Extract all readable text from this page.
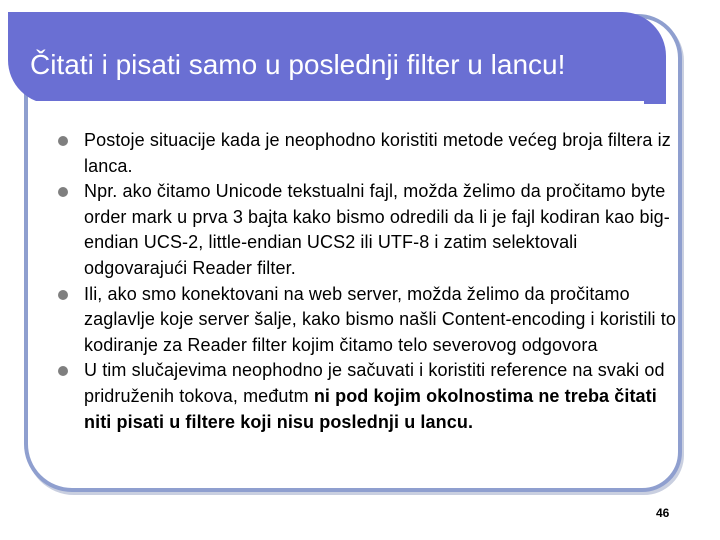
Čitati i pisati samo u poslednji filter u lancu!
Postoje situacije kada je neophodno koristiti metode većeg broja filtera iz lanca.
Npr. ako čitamo Unicode tekstualni fajl, možda želimo da pročitamo byte order mark u prva 3 bajta kako bismo odredili da li je fajl kodiran kao big-endian UCS-2, little-endian UCS2 ili UTF-8 i zatim selektovali odgovarajući Reader filter.
Ili, ako smo konektovani na web server, možda želimo da pročitamo zaglavlje koje server šalje, kako bismo našli Content-encoding i koristili to kodiranje za Reader filter kojim čitamo telo severovog odgovora
U tim slučajevima neophodno je sačuvati i koristiti reference na svaki od pridruženih tokova, međutm ni pod kojim okolnostima ne treba čitati niti pisati u filtere koji nisu poslednji u lancu.
46
